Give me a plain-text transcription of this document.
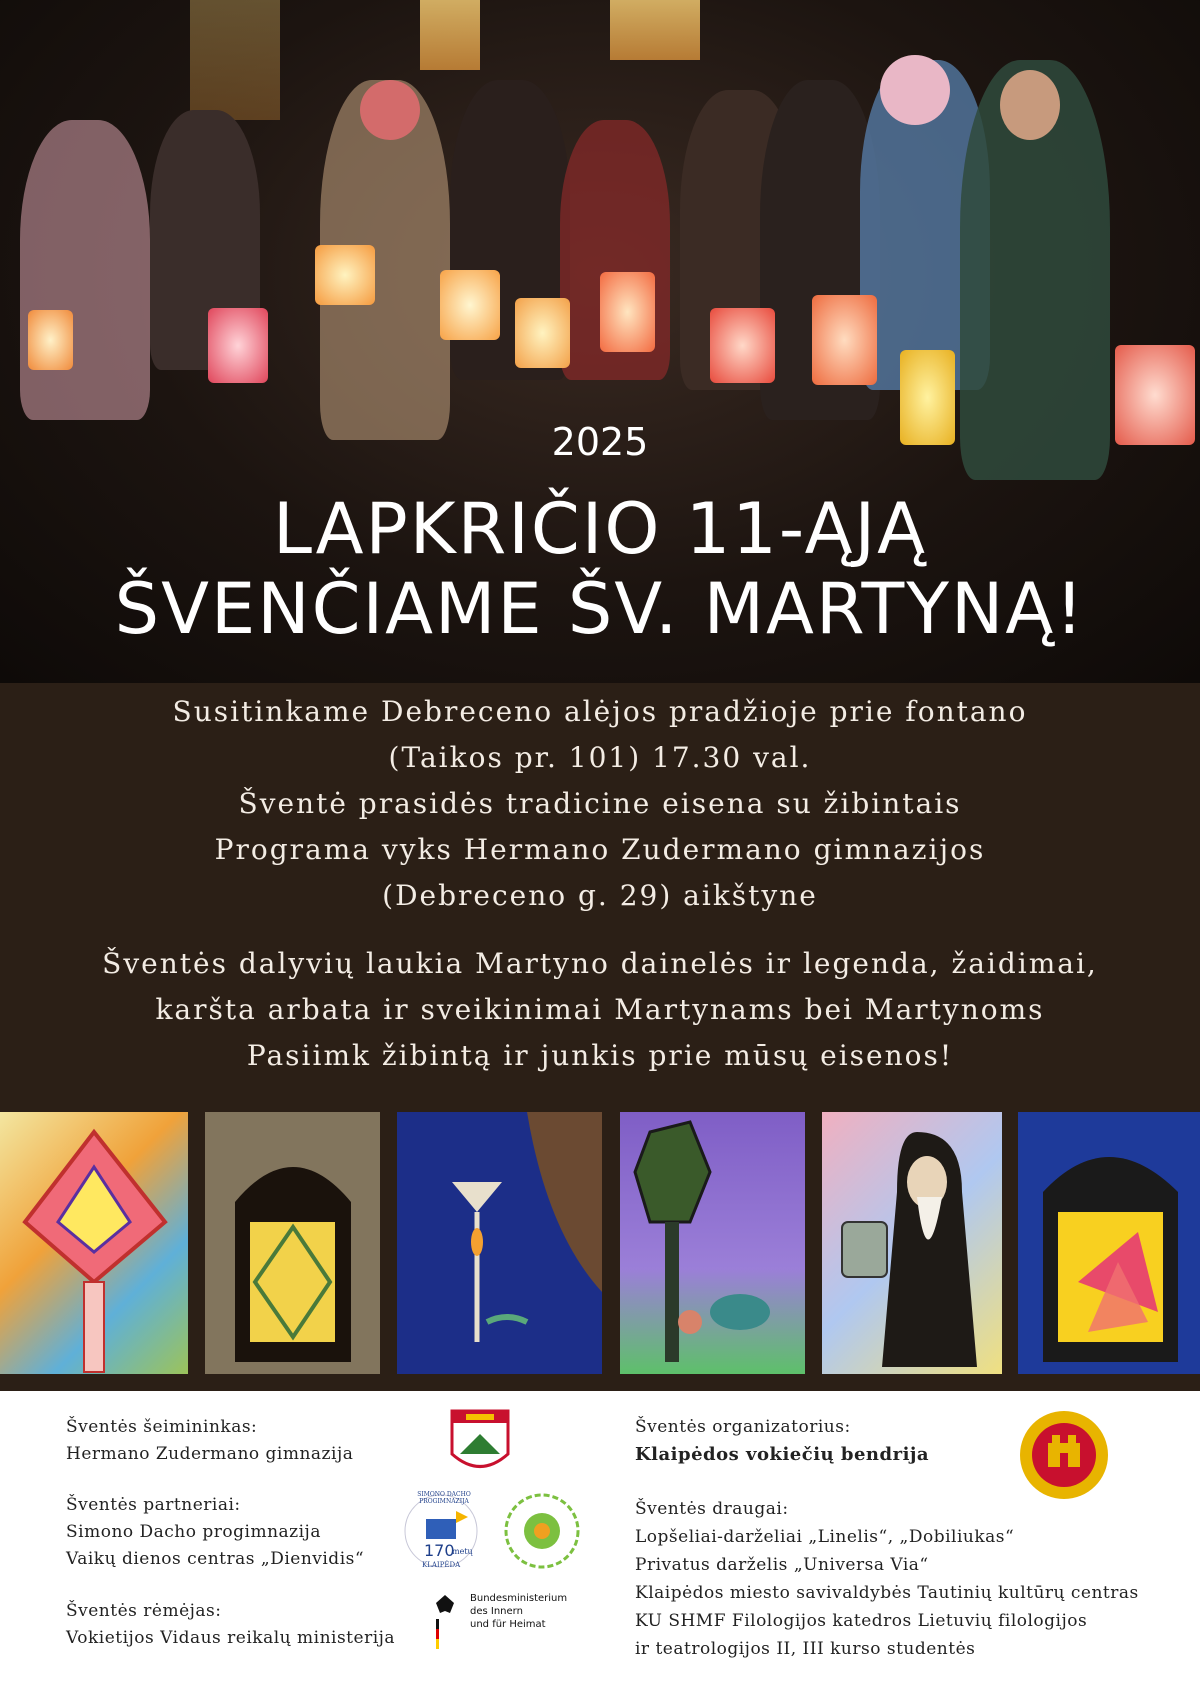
2025
LAPKRIČIO 11-ĄJĄ
ŠVENČIAME ŠV. MARTYNĄ!
Susitinkame Debreceno alėjos pradžioje prie fontano
(Taikos pr. 101) 17.30 val.
Šventė prasidės tradicine eisena su žibintais
Programa vyks Hermano Zudermano gimnazijos
(Debreceno g. 29) aikštyne
Šventės dalyvių laukia Martyno dainelės ir legenda, žaidimai,
karšta arbata ir sveikinimai Martynams bei Martynoms
Pasiimk žibintą ir junkis prie mūsų eisenos!
Šventės šeimininkas:
Hermano Zudermano gimnazija
Šventės partneriai:
Simono Dacho progimnazija
Vaikų dienos centras „Dienvidis“
Šventės rėmėjas:
Vokietijos Vidaus reikalų ministerija
170
metų
KLAIPĖDA
SIMONO DACHO PROGIMNAZIJA
Bundesministerium
des Innern
und für Heimat
Šventės organizatorius:
Klaipėdos vokiečių bendrija
Šventės draugai:
Lopšeliai-darželiai „Linelis“, „Dobiliukas“
Privatus darželis „Universa Via“
Klaipėdos miesto savivaldybės Tautinių kultūrų centras
KU SHMF Filologijos katedros Lietuvių filologijos
ir teatrologijos II, III kurso studentės
